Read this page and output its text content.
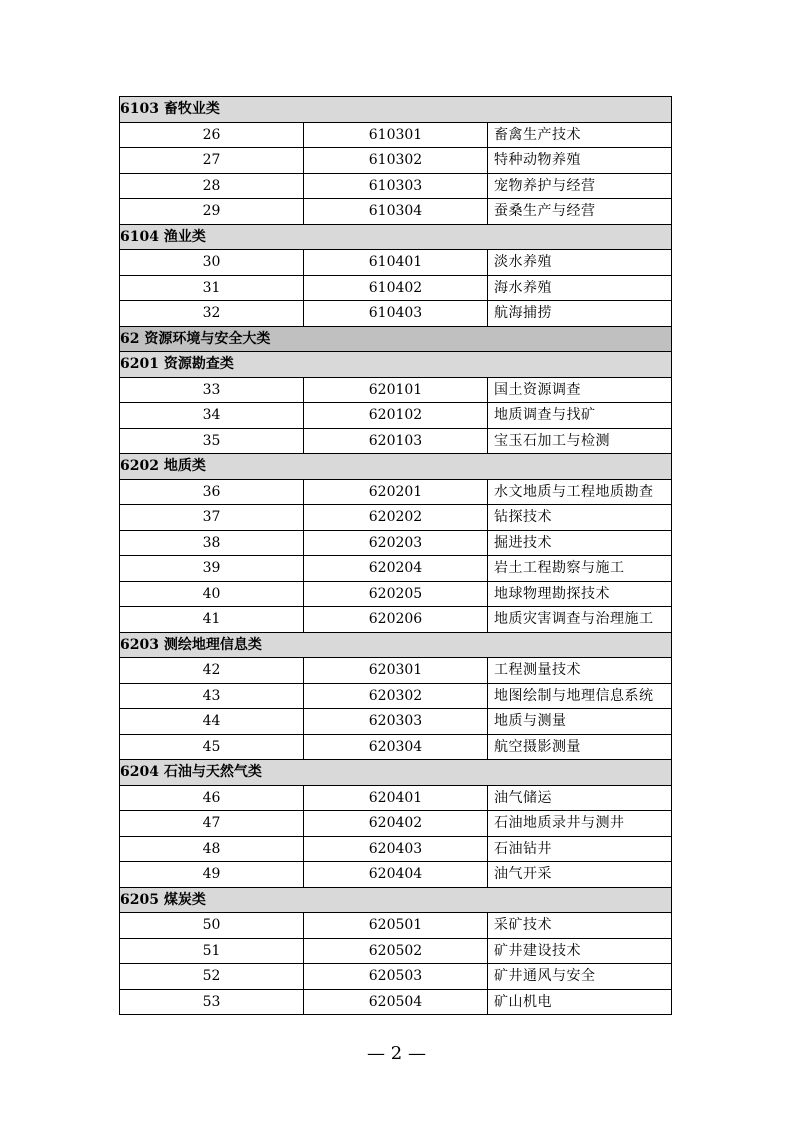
6103 畜牧业类		
26	610301	畜禽生产技术
27	610302	特种动物养殖
28	610303	宠物养护与经营
29	610304	蚕桑生产与经营
6104 渔业类		
30	610401	淡水养殖
31	610402	海水养殖
32	610403	航海捕捞
62 资源环境与安全大类		
6201 资源勘查类		
33	620101	国土资源调查
34	620102	地质调查与找矿
35	620103	宝玉石加工与检测
6202 地质类		
36	620201	水文地质与工程地质勘查
37	620202	钻探技术
38	620203	掘进技术
39	620204	岩土工程勘察与施工
40	620205	地球物理勘探技术
41	620206	地质灾害调查与治理施工
6203 测绘地理信息类		
42	620301	工程测量技术
43	620302	地图绘制与地理信息系统
44	620303	地质与测量
45	620304	航空摄影测量
6204 石油与天然气类		
46	620401	油气储运
47	620402	石油地质录井与测井
48	620403	石油钻井
49	620404	油气开采
6205 煤炭类		
50	620501	采矿技术
51	620502	矿井建设技术
52	620503	矿井通风与安全
53	620504	矿山机电
— 2 —
